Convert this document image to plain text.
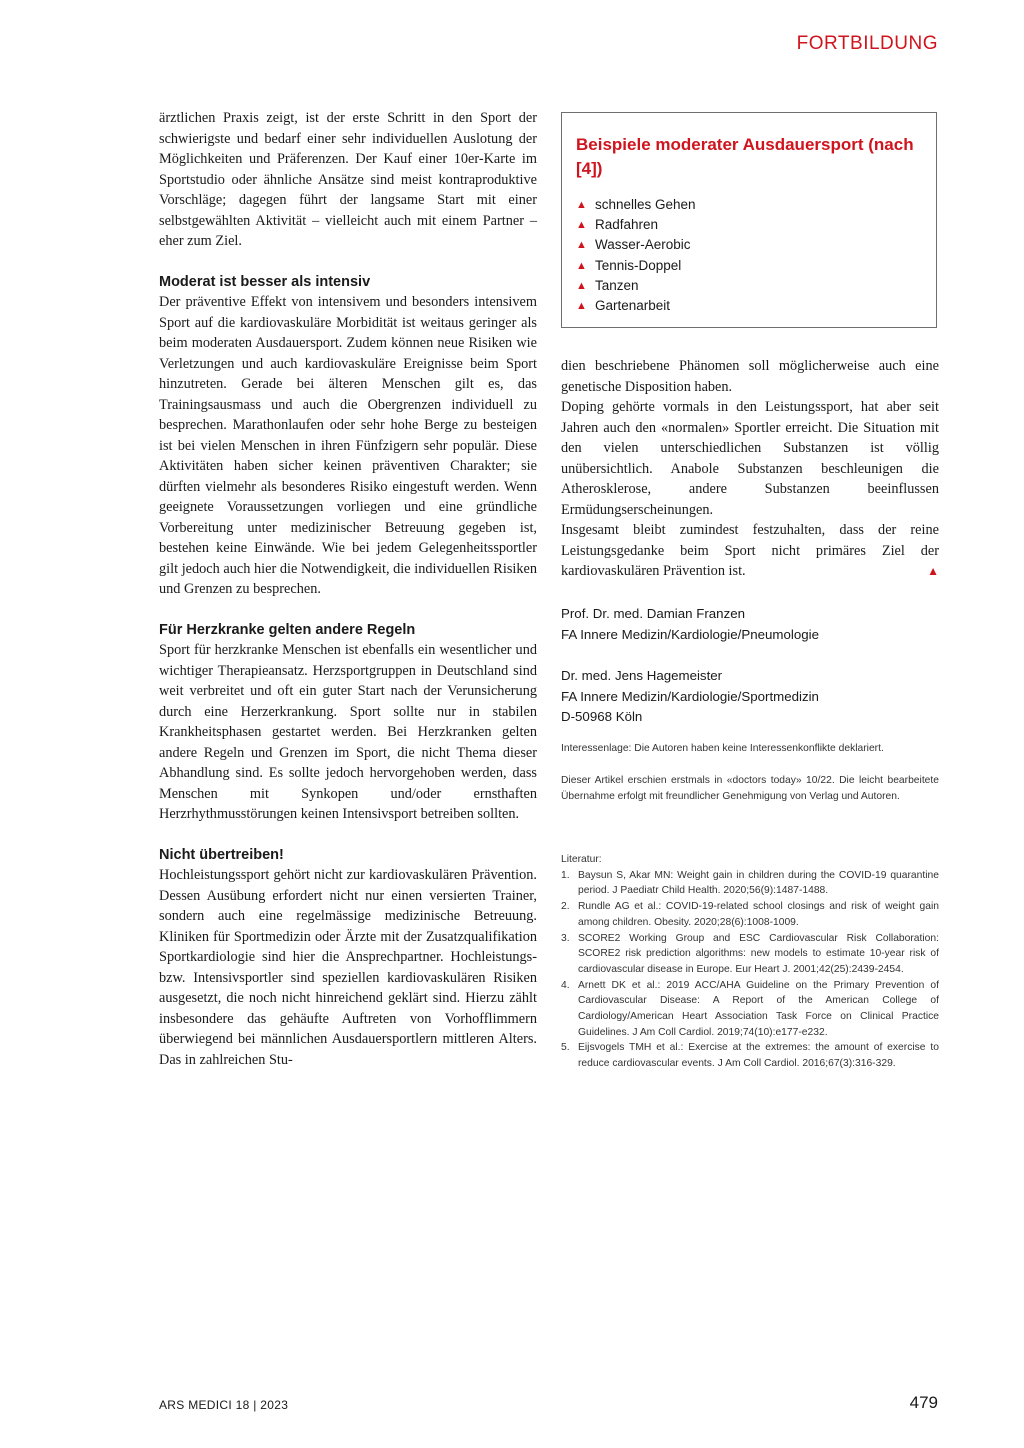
FORTBILDUNG

ärztlichen Praxis zeigt, ist der erste Schritt in den Sport der schwierigste und bedarf einer sehr individuellen Auslotung der Möglichkeiten und Präferenzen. Der Kauf einer 10er-Karte im Sportstudio oder ähnliche Ansätze sind meist kontraproduktive Vorschläge; dagegen führt der langsame Start mit einer selbstgewählten Aktivität – vielleicht auch mit einem Partner – eher zum Ziel.

Moderat ist besser als intensiv

Der präventive Effekt von intensivem und besonders intensivem Sport auf die kardiovaskuläre Morbidität ist weitaus geringer als beim moderaten Ausdauersport. Zudem können neue Risiken wie Verletzungen und auch kardiovaskuläre Ereignisse beim Sport hinzutreten. Gerade bei älteren Menschen gilt es, das Trainingsausmass und auch die Obergrenzen individuell zu besprechen. Marathonlaufen oder sehr hohe Berge zu besteigen ist bei vielen Menschen in ihren Fünfzigern sehr populär. Diese Aktivitäten haben sicher keinen präventiven Charakter; sie dürften vielmehr als besonderes Risiko eingestuft werden. Wenn geeignete Voraussetzungen vorliegen und eine gründliche Vorbereitung unter medizinischer Betreuung gegeben ist, bestehen keine Einwände. Wie bei jedem Gelegenheitssportler gilt jedoch auch hier die Notwendigkeit, die individuellen Risiken und Grenzen zu besprechen.

Für Herzkranke gelten andere Regeln

Sport für herzkranke Menschen ist ebenfalls ein wesentlicher und wichtiger Therapieansatz. Herzsportgruppen in Deutschland sind weit verbreitet und oft ein guter Start nach der Verunsicherung durch eine Herzerkrankung. Sport sollte nur in stabilen Krankheitsphasen gestartet werden. Bei Herzkranken gelten andere Regeln und Grenzen im Sport, die nicht Thema dieser Abhandlung sind. Es sollte jedoch hervorgehoben werden, dass Menschen mit Synkopen und/oder ernsthaften Herzrhythmusstörungen keinen Intensivsport betreiben sollten.

Nicht übertreiben!

Hochleistungssport gehört nicht zur kardiovaskulären Prävention. Dessen Ausübung erfordert nicht nur einen versierten Trainer, sondern auch eine regelmässige medizinische Betreuung. Kliniken für Sportmedizin oder Ärzte mit der Zusatzqualifikation Sportkardiologie sind hier die Ansprechpartner. Hochleistungs- bzw. Intensivsportler sind speziellen kardiovaskulären Risiken ausgesetzt, die noch nicht hinreichend geklärt sind. Hierzu zählt insbesondere das gehäufte Auftreten von Vorhofflimmern überwiegend bei männlichen Ausdauersportlern mittleren Alters. Das in zahlreichen Stu-

Beispiele moderater Ausdauersport (nach [4])
▲ schnelles Gehen
▲ Radfahren
▲ Wasser-Aerobic
▲ Tennis-Doppel
▲ Tanzen
▲ Gartenarbeit

dien beschriebene Phänomen soll möglicherweise auch eine genetische Disposition haben.

Doping gehörte vormals in den Leistungssport, hat aber seit Jahren auch den «normalen» Sportler erreicht. Die Situation mit den vielen unterschiedlichen Substanzen ist völlig unübersichtlich. Anabole Substanzen beschleunigen die Atherosklerose, andere Substanzen beeinflussen Ermüdungserscheinungen.

Insgesamt bleibt zumindest festzuhalten, dass der reine Leistungsgedanke beim Sport nicht primäres Ziel der kardiovaskulären Prävention ist.	▲

Prof. Dr. med. Damian Franzen
FA Innere Medizin/Kardiologie/Pneumologie
Dr. med. Jens Hagemeister
FA Innere Medizin/Kardiologie/Sportmedizin
D-50968 Köln
Interessenlage: Die Autoren haben keine Interessenkonflikte deklariert.
Dieser Artikel erschien erstmals in «doctors today» 10/22. Die leicht bearbeitete Übernahme erfolgt mit freundlicher Genehmigung von Verlag und Autoren.
Literatur:
1. Baysun S, Akar MN: Weight gain in children during the COVID-19 quarantine period. J Paediatr Child Health. 2020;56(9):1487-1488.
2. Rundle AG et al.: COVID-19-related school closings and risk of weight gain among children. Obesity. 2020;28(6):1008-1009.
3. SCORE2 Working Group and ESC Cardiovascular Risk Collaboration: SCORE2 risk prediction algorithms: new models to estimate 10-year risk of cardiovascular disease in Europe. Eur Heart J. 2001;42(25):2439-2454.
4. Arnett DK et al.: 2019 ACC/AHA Guideline on the Primary Prevention of Cardiovascular Disease: A Report of the American College of Cardiology/American Heart Association Task Force on Clinical Practice Guidelines. J Am Coll Cardiol. 2019;74(10):e177-e232.
5. Eijsvogels TMH et al.: Exercise at the extremes: the amount of exercise to reduce cardiovascular events. J Am Coll Cardiol. 2016;67(3):316-329.
ARS MEDICI 18 | 2023	479
